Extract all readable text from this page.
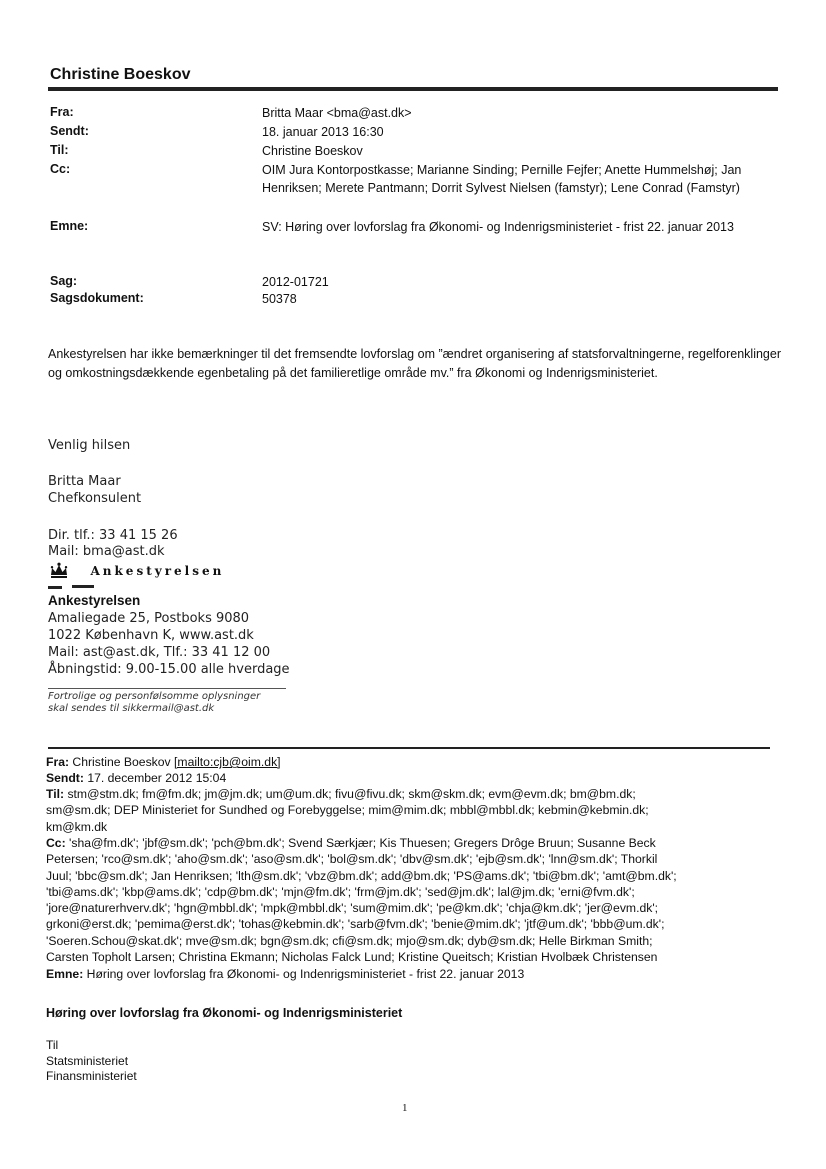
Christine Boeskov
Fra:	Britta Maar <bma@ast.dk>
Sendt:	18. januar 2013 16:30
Til:	Christine Boeskov
Cc:	OIM Jura Kontorpostkasse; Marianne Sinding; Pernille Fejfer; Anette Hummelshøj; Jan Henriksen; Merete Pantmann; Dorrit Sylvest Nielsen (famstyr); Lene Conrad (Famstyr)
Emne:	SV: Høring over lovforslag fra Økonomi- og Indenrigsministeriet - frist 22. januar 2013
Sag:	2012-01721
Sagsdokument:	50378
Ankestyrelsen har ikke bemærkninger til det fremsendte lovforslag om ”ændret organisering af statsforvaltningerne, regelforenklinger og omkostningsdækkende egenbetaling på det familieretlige område mv.” fra Økonomi og Indenrigsministeriet.
Venlig hilsen
Britta Maar
Chefkonsulent
Dir. tlf.: 33 41 15 26
Mail: bma@ast.dk
Ankestyrelsen
Ankestyrelsen
Amaliegade 25, Postboks 9080
1022 København K, www.ast.dk
Mail: ast@ast.dk, Tlf.: 33 41 12 00
Åbningstid: 9.00-15.00 alle hverdage
Fortrolige og personfølsomme oplysninger
skal sendes til sikkermail@ast.dk
Fra: Christine Boeskov [mailto:cjb@oim.dk]
Sendt: 17. december 2012 15:04
Til: stm@stm.dk; fm@fm.dk; jm@jm.dk; um@um.dk; fivu@fivu.dk; skm@skm.dk; evm@evm.dk; bm@bm.dk;
sm@sm.dk; DEP Ministeriet for Sundhed og Forebyggelse; mim@mim.dk; mbbl@mbbl.dk; kebmin@kebmin.dk;
km@km.dk
Cc: 'sha@fm.dk'; 'jbf@sm.dk'; 'pch@bm.dk'; Svend Særkjær; Kis Thuesen; Gregers Drôge Bruun; Susanne Beck
Petersen; 'rco@sm.dk'; 'aho@sm.dk'; 'aso@sm.dk'; 'bol@sm.dk'; 'dbv@sm.dk'; 'ejb@sm.dk'; 'lnn@sm.dk'; Thorkil
Juul; 'bbc@sm.dk'; Jan Henriksen; 'lth@sm.dk'; 'vbz@bm.dk'; add@bm.dk; 'PS@ams.dk'; 'tbi@bm.dk'; 'amt@bm.dk';
'tbi@ams.dk'; 'kbp@ams.dk'; 'cdp@bm.dk'; 'mjn@fm.dk'; 'frm@jm.dk'; 'sed@jm.dk'; lal@jm.dk; 'erni@fvm.dk';
'jore@naturerhverv.dk'; 'hgn@mbbl.dk'; 'mpk@mbbl.dk'; 'sum@mim.dk'; 'pe@km.dk'; 'chja@km.dk'; 'jer@evm.dk';
grkoni@erst.dk; 'pemima@erst.dk'; 'tohas@kebmin.dk'; 'sarb@fvm.dk'; 'benie@mim.dk'; 'jtf@um.dk'; 'bbb@um.dk';
'Soeren.Schou@skat.dk'; mve@sm.dk; bgn@sm.dk; cfi@sm.dk; mjo@sm.dk; dyb@sm.dk; Helle Birkman Smith;
Carsten Topholt Larsen; Christina Ekmann; Nicholas Falck Lund; Kristine Queitsch; Kristian Hvolbæk Christensen
Emne: Høring over lovforslag fra Økonomi- og Indenrigsministeriet - frist 22. januar 2013
Høring over lovforslag fra Økonomi- og Indenrigsministeriet
Til
Statsministeriet
Finansministeriet
1
